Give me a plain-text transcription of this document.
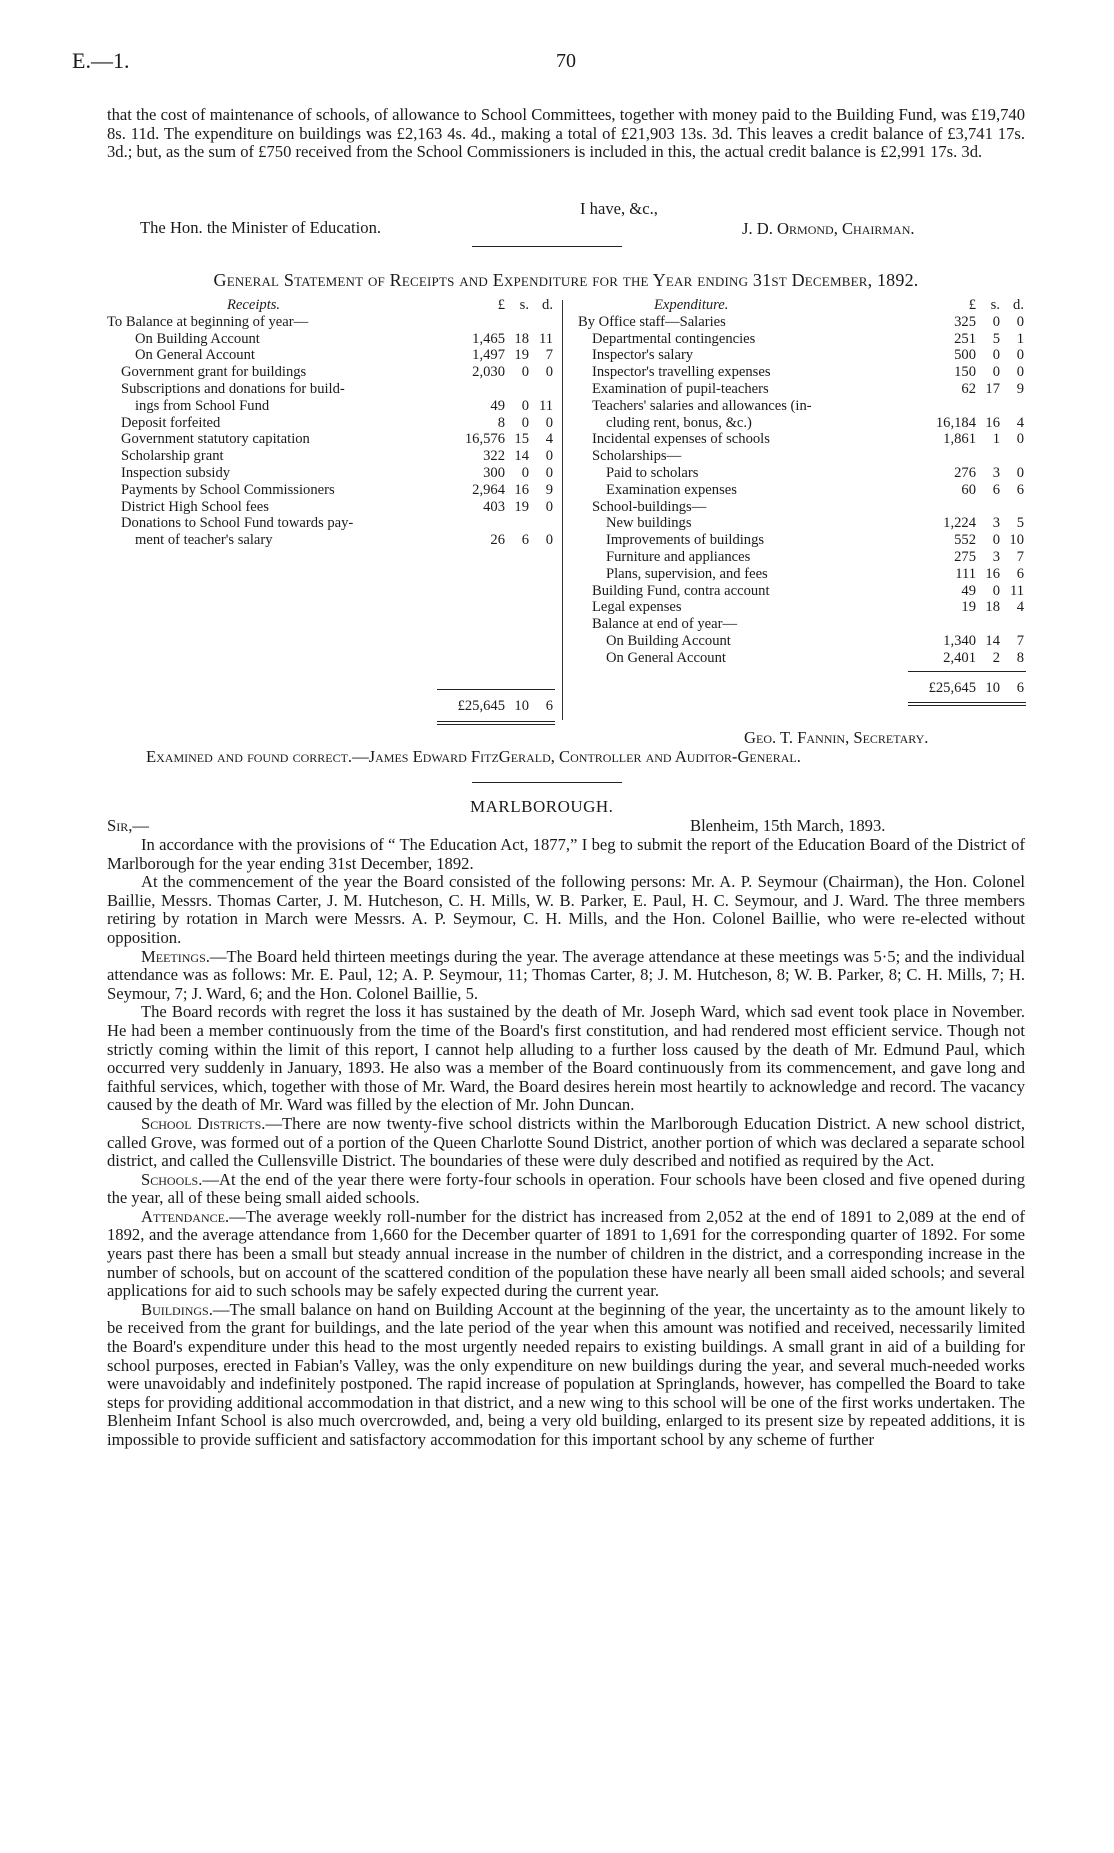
E.—1.	70

that the cost of maintenance of schools, of allowance to School Committees, together with money paid to the Building Fund, was £19,740 8s. 11d. The expenditure on buildings was £2,163 4s. 4d., making a total of £21,903 13s. 3d. This leaves a credit balance of £3,741 17s. 3d.; but, as the sum of £750 received from the School Commissioners is included in this, the actual credit balance is £2,991 17s. 3d.

I have, &c.,
The Hon. the Minister of Education.	J. D. Ormond, Chairman.
General Statement of Receipts and Expenditure for the Year ending 31st December, 1892.
Receipts.	£	s. d.
To Balance at beginning of year—
On Building Account	1,465 18 11
On General Account	1,497 19	7
Government grant for buildings	2,030	0	0
Subscriptions and donations for build-
ings from School Fund	49	0 11
Deposit forfeited	8	0	0
Government statutory capitation	16,576 15	4
Scholarship grant	322 14	0
Inspection subsidy	300	0	0
Payments by School Commissioners	2,964 16	9
District High School fees	403 19	0
Donations to School Fund towards pay-
ment of teacher's salary	26	6	0
£25,645 10	6
Expenditure.	£	s. d.
By Office staff—Salaries	325	0	0
Departmental contingencies	251	5	1
Inspector's salary	500	0	0
Inspector's travelling expenses	150	0	0
Examination of pupil-teachers	62 17	9
Teachers' salaries and allowances (in-
cluding rent, bonus, &c.)	16,184 16	4
Incidental expenses of schools	1,861	1	0
Scholarships—
Paid to scholars	276	3	0
Examination expenses	60	6	6
School-buildings—
New buildings	1,224	3	5
Improvements of buildings	552	0 10
Furniture and appliances	275	3	7
Plans, supervision, and fees	111 16	6
Building Fund, contra account	49	0 11
Legal expenses	19 18	4
Balance at end of year—
On Building Account	1,340 14	7
On General Account	2,401	2	8
£25,645 10	6
Geo. T. Fannin, Secretary.
Examined and found correct.—James Edward FitzGerald, Controller and Auditor-General.
MARLBOROUGH.
Sir,—	Blenheim, 15th March, 1893.

In accordance with the provisions of “ The Education Act, 1877,” I beg to submit the report of the Education Board of the District of Marlborough for the year ending 31st December, 1892.

At the commencement of the year the Board consisted of the following persons: Mr. A. P. Seymour (Chairman), the Hon. Colonel Baillie, Messrs. Thomas Carter, J. M. Hutcheson, C. H. Mills, W. B. Parker, E. Paul, H. C. Seymour, and J. Ward. The three members retiring by rotation in March were Messrs. A. P. Seymour, C. H. Mills, and the Hon. Colonel Baillie, who were re-elected without opposition.

Meetings.—The Board held thirteen meetings during the year. The average attendance at these meetings was 5·5; and the individual attendance was as follows: Mr. E. Paul, 12; A. P. Seymour, 11; Thomas Carter, 8; J. M. Hutcheson, 8; W. B. Parker, 8; C. H. Mills, 7; H. Seymour, 7; J. Ward, 6; and the Hon. Colonel Baillie, 5.

The Board records with regret the loss it has sustained by the death of Mr. Joseph Ward, which sad event took place in November. He had been a member continuously from the time of the Board's first constitution, and had rendered most efficient service. Though not strictly coming within the limit of this report, I cannot help alluding to a further loss caused by the death of Mr. Edmund Paul, which occurred very suddenly in January, 1893. He also was a member of the Board continuously from its commencement, and gave long and faithful services, which, together with those of Mr. Ward, the Board desires herein most heartily to acknowledge and record. The vacancy caused by the death of Mr. Ward was filled by the election of Mr. John Duncan.

School Districts.—There are now twenty-five school districts within the Marlborough Education District. A new school district, called Grove, was formed out of a portion of the Queen Charlotte Sound District, another portion of which was declared a separate school district, and called the Cullensville District. The boundaries of these were duly described and notified as required by the Act.

Schools.—At the end of the year there were forty-four schools in operation. Four schools have been closed and five opened during the year, all of these being small aided schools.

Attendance.—The average weekly roll-number for the district has increased from 2,052 at the end of 1891 to 2,089 at the end of 1892, and the average attendance from 1,660 for the December quarter of 1891 to 1,691 for the corresponding quarter of 1892. For some years past there has been a small but steady annual increase in the number of children in the district, and a corresponding increase in the number of schools, but on account of the scattered condition of the population these have nearly all been small aided schools; and several applications for aid to such schools may be safely expected during the current year.

Buildings.—The small balance on hand on Building Account at the beginning of the year, the uncertainty as to the amount likely to be received from the grant for buildings, and the late period of the year when this amount was notified and received, necessarily limited the Board's expenditure under this head to the most urgently needed repairs to existing buildings. A small grant in aid of a building for school purposes, erected in Fabian's Valley, was the only expenditure on new buildings during the year, and several much-needed works were unavoidably and indefinitely postponed. The rapid increase of population at Springlands, however, has compelled the Board to take steps for providing additional accommodation in that district, and a new wing to this school will be one of the first works undertaken. The Blenheim Infant School is also much overcrowded, and, being a very old building, enlarged to its present size by repeated additions, it is impossible to provide sufficient and satisfactory accommodation for this important school by any scheme of further
